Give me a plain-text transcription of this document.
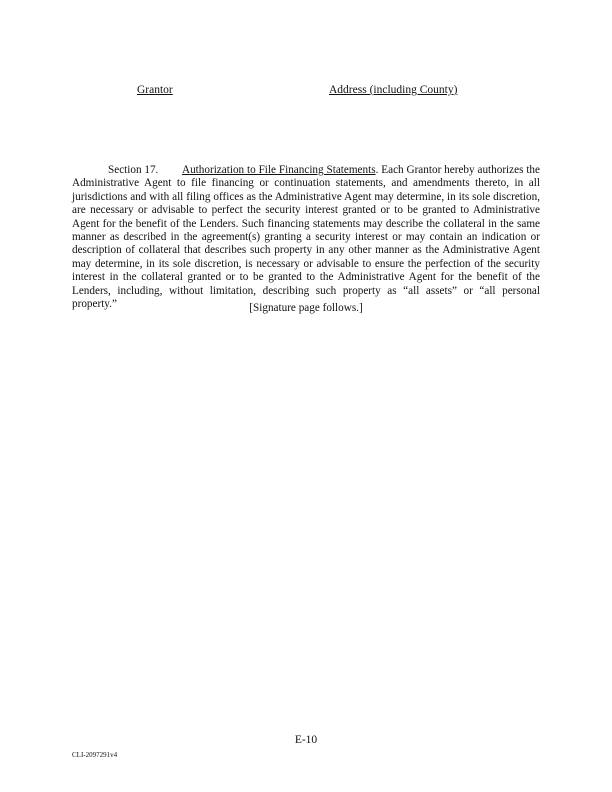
Grantor	Address (including County)
Section 17. Authorization to File Financing Statements. Each Grantor hereby authorizes the Administrative Agent to file financing or continuation statements, and amendments thereto, in all jurisdictions and with all filing offices as the Administrative Agent may determine, in its sole discretion, are necessary or advisable to perfect the security interest granted or to be granted to Administrative Agent for the benefit of the Lenders. Such financing statements may describe the collateral in the same manner as described in the agreement(s) granting a security interest or may contain an indication or description of collateral that describes such property in any other manner as the Administrative Agent may determine, in its sole discretion, is necessary or advisable to ensure the perfection of the security interest in the collateral granted or to be granted to the Administrative Agent for the benefit of the Lenders, including, without limitation, describing such property as “all assets” or “all personal property.”	[Signature page follows.]
E-10
CLI-2097291v4
